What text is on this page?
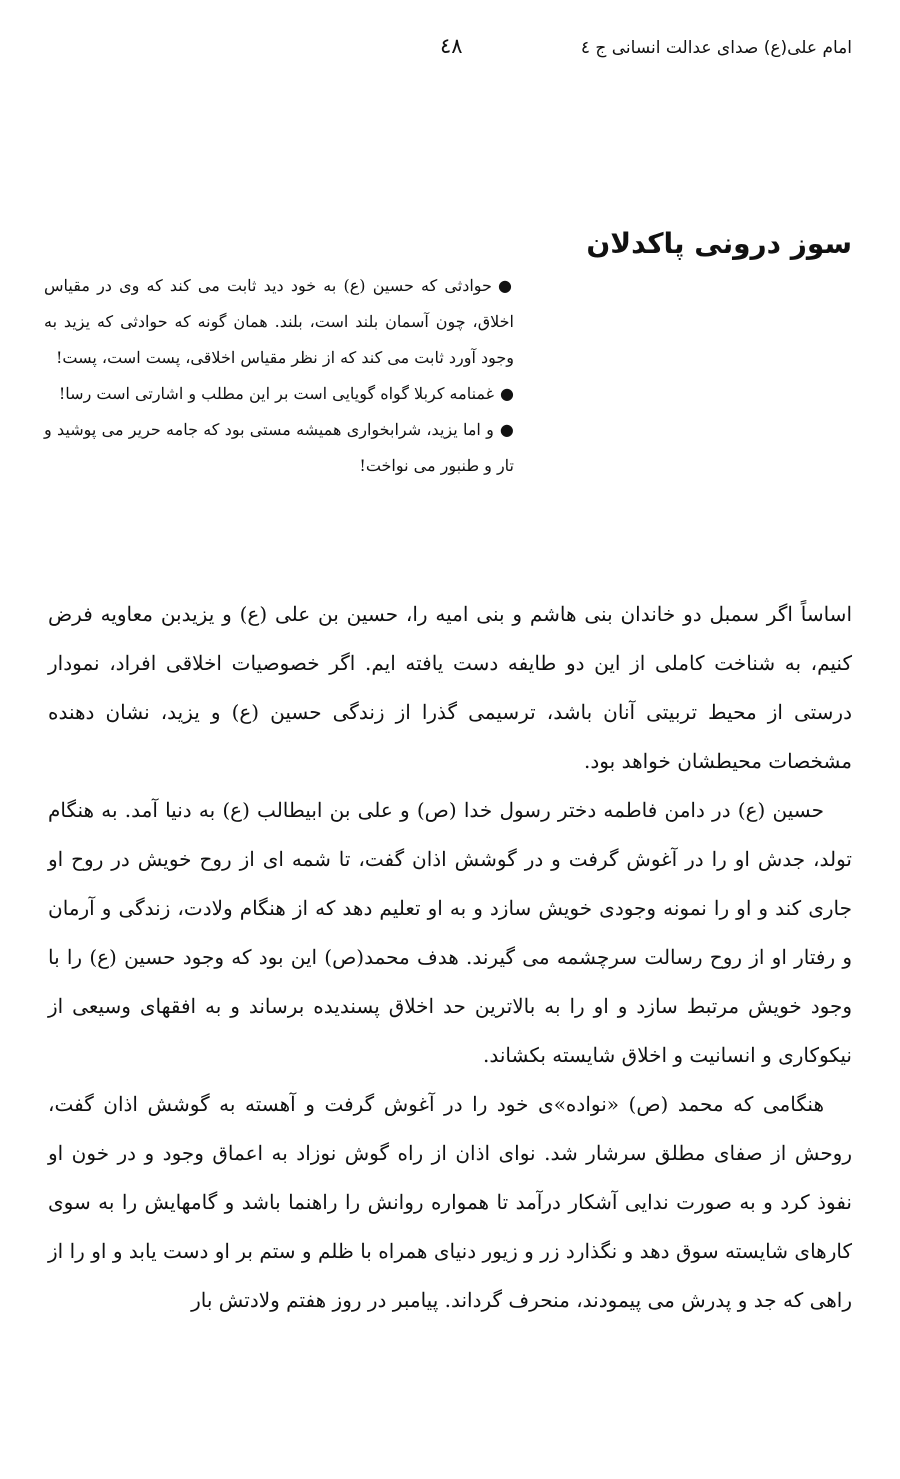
امام علی(ع) صدای عدالت انسانی ج ٤
٤٨
سوز درونی پاکدلان
●حوادثی که حسین (ع) به خود دید ثابت می کند که وی در مقیاس اخلاق، چون آسمان بلند است، بلند. همان گونه که حوادثی که یزید به وجود آورد ثابت می کند که از نظر مقیاس اخلاقی، پست است، پست!
●غمنامه کربلا گواه گویایی است بر این مطلب و اشارتی است رسا!
●و اما یزید، شرابخواری همیشه مستی بود که جامه حریر می پوشید و تار و طنبور می نواخت!

اساساً اگر سمبل دو خاندان بنی هاشم و بنی امیه را، حسین بن علی (ع) و یزیدبن معاویه فرض کنیم، به شناخت کاملی از این دو طایفه دست یافته ایم. اگر خصوصیات اخلاقی افراد، نمودار درستی از محیط تربیتی آنان باشد، ترسیمی گذرا از زندگی حسین (ع) و یزید، نشان دهنده مشخصات محیطشان خواهد بود.

حسین (ع) در دامن فاطمه دختر رسول خدا (ص) و علی بن ابیطالب (ع) به دنیا آمد. به هنگام تولد، جدش او را در آغوش گرفت و در گوشش اذان گفت، تا شمه ای از روح خویش در روح او جاری کند و او را نمونه وجودی خویش سازد و به او تعلیم دهد که از هنگام ولادت، زندگی و آرمان و رفتار او از روح رسالت سرچشمه می گیرند. هدف محمد(ص) این بود که وجود حسین (ع) را با وجود خویش مرتبط سازد و او را به بالاترین حد اخلاق پسندیده برساند و به افقهای وسیعی از نیکوکاری و انسانیت و اخلاق شایسته بکشاند.

هنگامی که محمد (ص) «نواده»ی خود را در آغوش گرفت و آهسته به گوشش اذان گفت، روحش از صفای مطلق سرشار شد. نوای اذان از راه گوش نوزاد به اعماق وجود و در خون او نفوذ کرد و به صورت ندایی آشکار درآمد تا همواره روانش را راهنما باشد و گامهایش را به سوی کارهای شایسته سوق دهد و نگذارد زر و زیور دنیای همراه با ظلم و ستم بر او دست یابد و او را از راهی که جد و پدرش می پیمودند، منحرف گرداند. پیامبر در روز هفتم ولادتش بار
